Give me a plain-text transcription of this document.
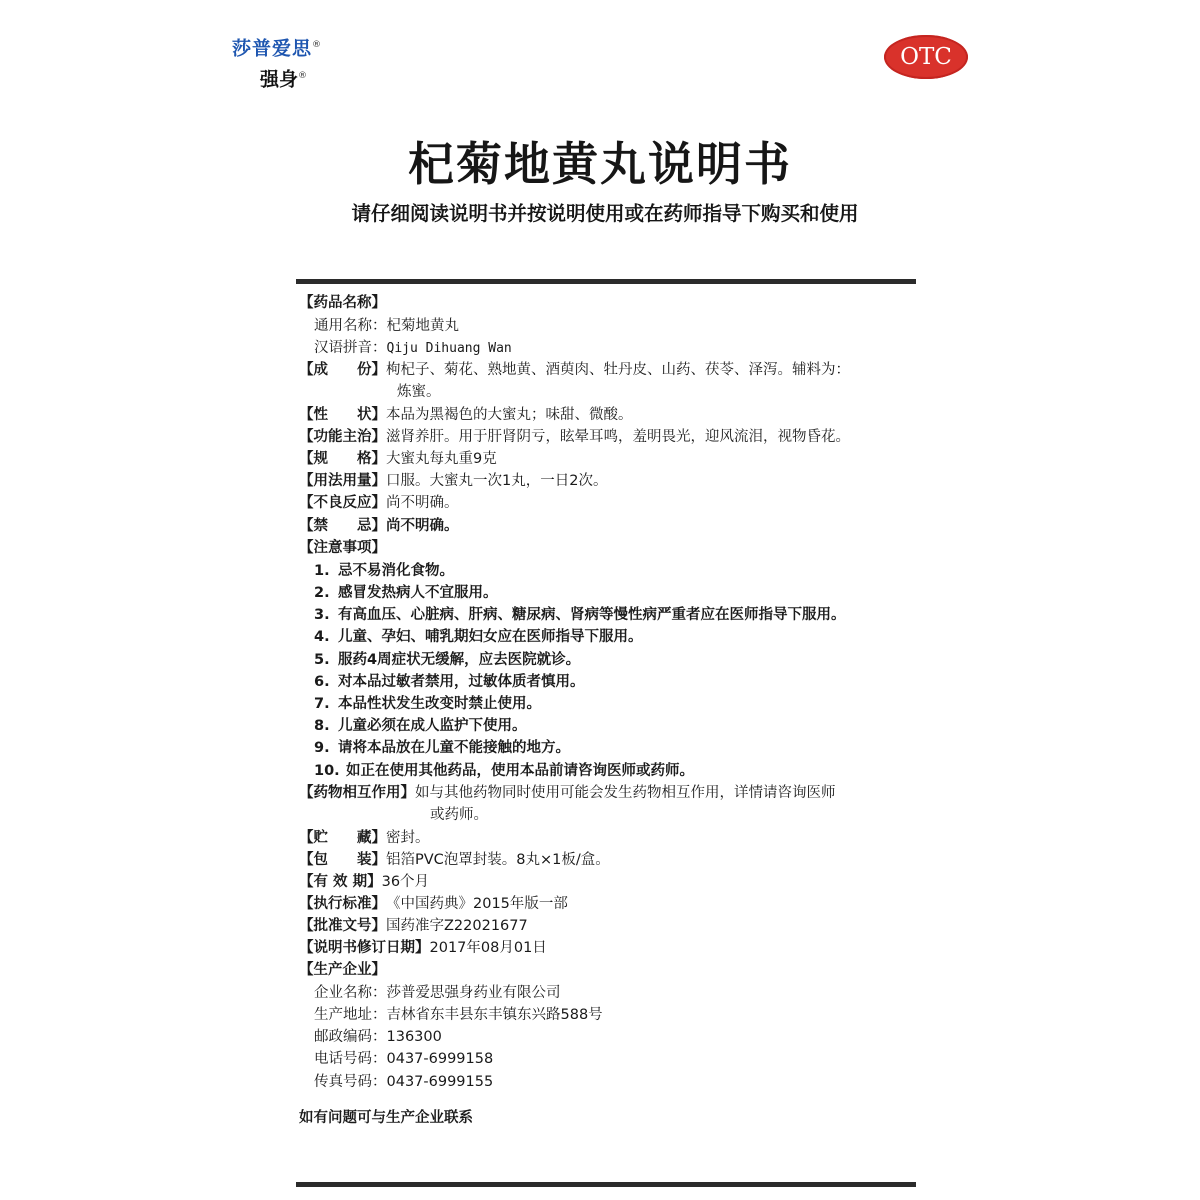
莎普爱思®
强身®
OTC
杞菊地黄丸说明书
请仔细阅读说明书并按说明使用或在药师指导下购买和使用
【药品名称】
通用名称：杞菊地黄丸
汉语拼音：Qiju Dihuang Wan
【成　　份】枸杞子、菊花、熟地黄、酒萸肉、牡丹皮、山药、茯苓、泽泻。辅料为：
炼蜜。
【性　　状】本品为黑褐色的大蜜丸；味甜、微酸。
【功能主治】滋肾养肝。用于肝肾阴亏，眩晕耳鸣，羞明畏光，迎风流泪，视物昏花。
【规　　格】大蜜丸每丸重9克
【用法用量】口服。大蜜丸一次1丸，一日2次。
【不良反应】尚不明确。
【禁　　忌】尚不明确。
【注意事项】
1. 忌不易消化食物。
2. 感冒发热病人不宜服用。
3. 有高血压、心脏病、肝病、糖尿病、肾病等慢性病严重者应在医师指导下服用。
4. 儿童、孕妇、哺乳期妇女应在医师指导下服用。
5. 服药4周症状无缓解，应去医院就诊。
6. 对本品过敏者禁用，过敏体质者慎用。
7. 本品性状发生改变时禁止使用。
8. 儿童必须在成人监护下使用。
9. 请将本品放在儿童不能接触的地方。
10. 如正在使用其他药品，使用本品前请咨询医师或药师。
【药物相互作用】如与其他药物同时使用可能会发生药物相互作用，详情请咨询医师
或药师。
【贮　　藏】密封。
【包　　装】铝箔PVC泡罩封装。8丸×1板/盒。
【有 效 期】36个月
【执行标准】《中国药典》2015年版一部
【批准文号】国药准字Z22021677
【说明书修订日期】2017年08月01日
【生产企业】
企业名称：莎普爱思强身药业有限公司
生产地址：吉林省东丰县东丰镇东兴路588号
邮政编码：136300
电话号码：0437-6999158
传真号码：0437-6999155
如有问题可与生产企业联系
